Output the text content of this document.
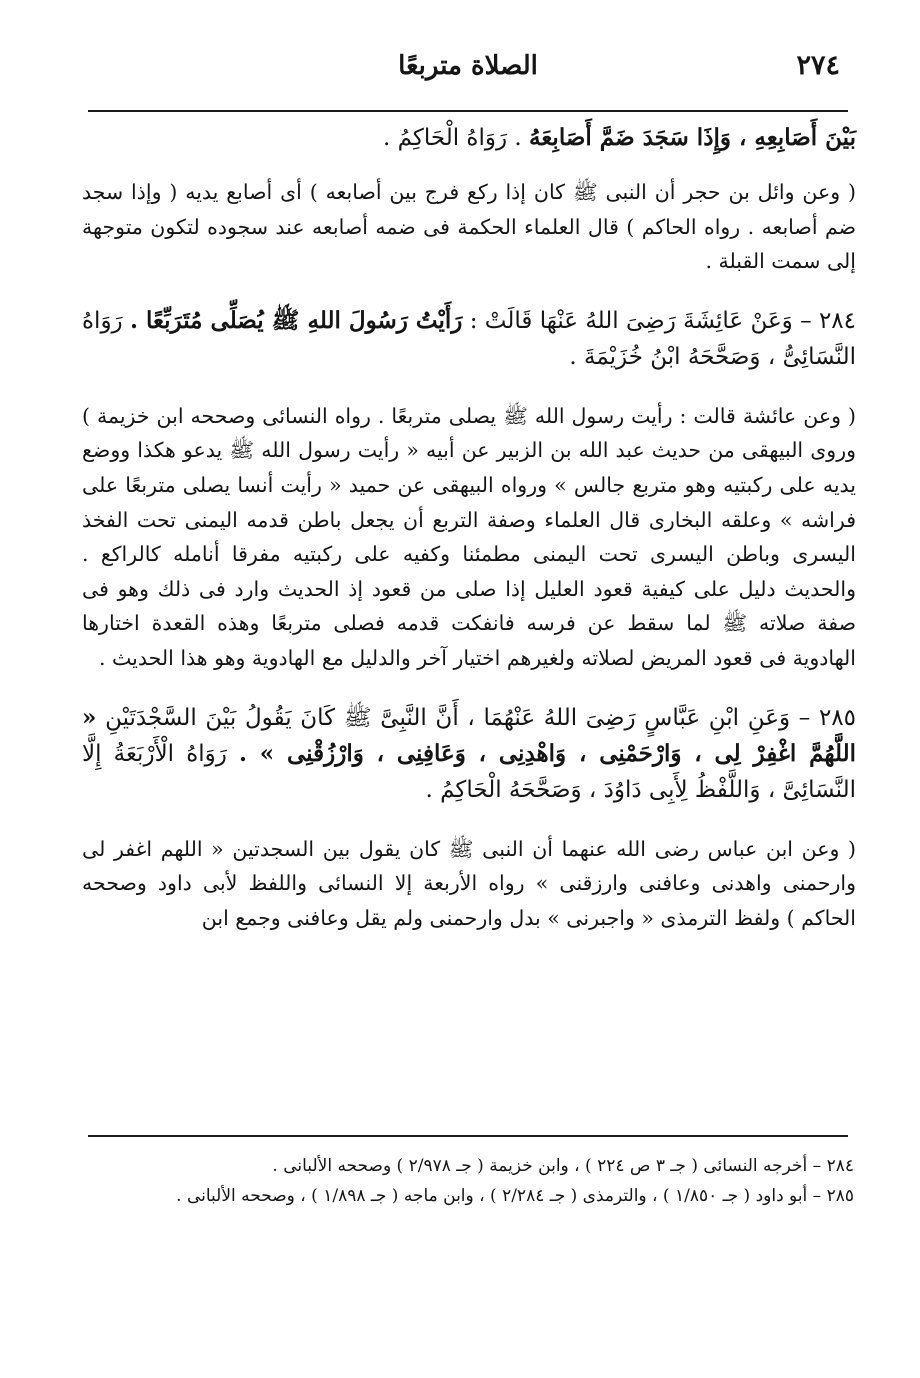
٢٧٤
الصلاة متربعًا

بَيْنَ أَصَابِعِهِ ، وَإِذَا سَجَدَ ضَمَّ أَصَابِعَهُ . رَوَاهُ الْحَاكِمُ .

( وعن وائل بن حجر أن النبى ﷺ كان إذا ركع فرج بين أصابعه ) أى أصابع يديه ( وإذا سجد ضم أصابعه . رواه الحاكم ) قال العلماء الحكمة فى ضمه أصابعه عند سجوده لتكون متوجهة إلى سمت القبلة .

٢٨٤ – وَعَنْ عَائِشَةَ رَضِىَ اللهُ عَنْهَا قَالَتْ : رَأَيْتُ رَسُولَ اللهِ ﷺ يُصَلِّى مُتَرَبِّعًا . رَوَاهُ النَّسَائِىُّ ، وَصَحَّحَهُ ابْنُ خُزَيْمَةَ .

( وعن عائشة قالت : رأيت رسول الله ﷺ يصلى متربعًا . رواه النسائى وصححه ابن خزيمة ) وروى البيهقى من حديث عبد الله بن الزبير عن أبيه « رأيت رسول الله ﷺ يدعو هكذا ووضع يديه على ركبتيه وهو متربع جالس » ورواه البيهقى عن حميد « رأيت أنسا يصلى متربعًا على فراشه » وعلقه البخارى قال العلماء وصفة التربع أن يجعل باطن قدمه اليمنى تحت الفخذ اليسرى وباطن اليسرى تحت اليمنى مطمئنا وكفيه على ركبتيه مفرقا أنامله كالراكع . والحديث دليل على كيفية قعود العليل إذا صلى من قعود إذ الحديث وارد فى ذلك وهو فى صفة صلاته ﷺ لما سقط عن فرسه فانفكت قدمه فصلى متربعًا وهذه القعدة اختارها الهادوية فى قعود المريض لصلاته ولغيرهم اختيار آخر والدليل مع الهادوية وهو هذا الحديث .

٢٨٥ – وَعَنِ ابْنِ عَبَّاسٍ رَضِىَ اللهُ عَنْهُمَا ، أَنَّ النَّبِىَّ ﷺ كَانَ يَقُولُ بَيْنَ السَّجْدَتَيْنِ « اللَّهُمَّ اغْفِرْ لِى ، وَارْحَمْنِى ، وَاهْدِنِى ، وَعَافِنِى ، وَارْزُقْنِى » . رَوَاهُ الْأَرْبَعَةُ إِلَّا النَّسَائِىَّ ، وَاللَّفْظُ لِأَبِى دَاوُدَ ، وَصَحَّحَهُ الْحَاكِمُ .

( وعن ابن عباس رضى الله عنهما أن النبى ﷺ كان يقول بين السجدتين « اللهم اغفر لى وارحمنى واهدنى وعافنى وارزقنى » رواه الأربعة إلا النسائى واللفظ لأبى داود وصححه الحاكم ) ولفظ الترمذى « واجبرنى » بدل وارحمنى ولم يقل وعافنى وجمع ابن

٢٨٤ – أخرجه النسائى ( جـ ٣ ص ٢٢٤ ) ، وابن خزيمة ( جـ ٢/٩٧٨ ) وصححه الألبانى .

٢٨٥ – أبو داود ( جـ ١/٨٥٠ ) ، والترمذى ( جـ ٢/٢٨٤ ) ، وابن ماجه ( جـ ١/٨٩٨ ) ، وصححه الألبانى .
